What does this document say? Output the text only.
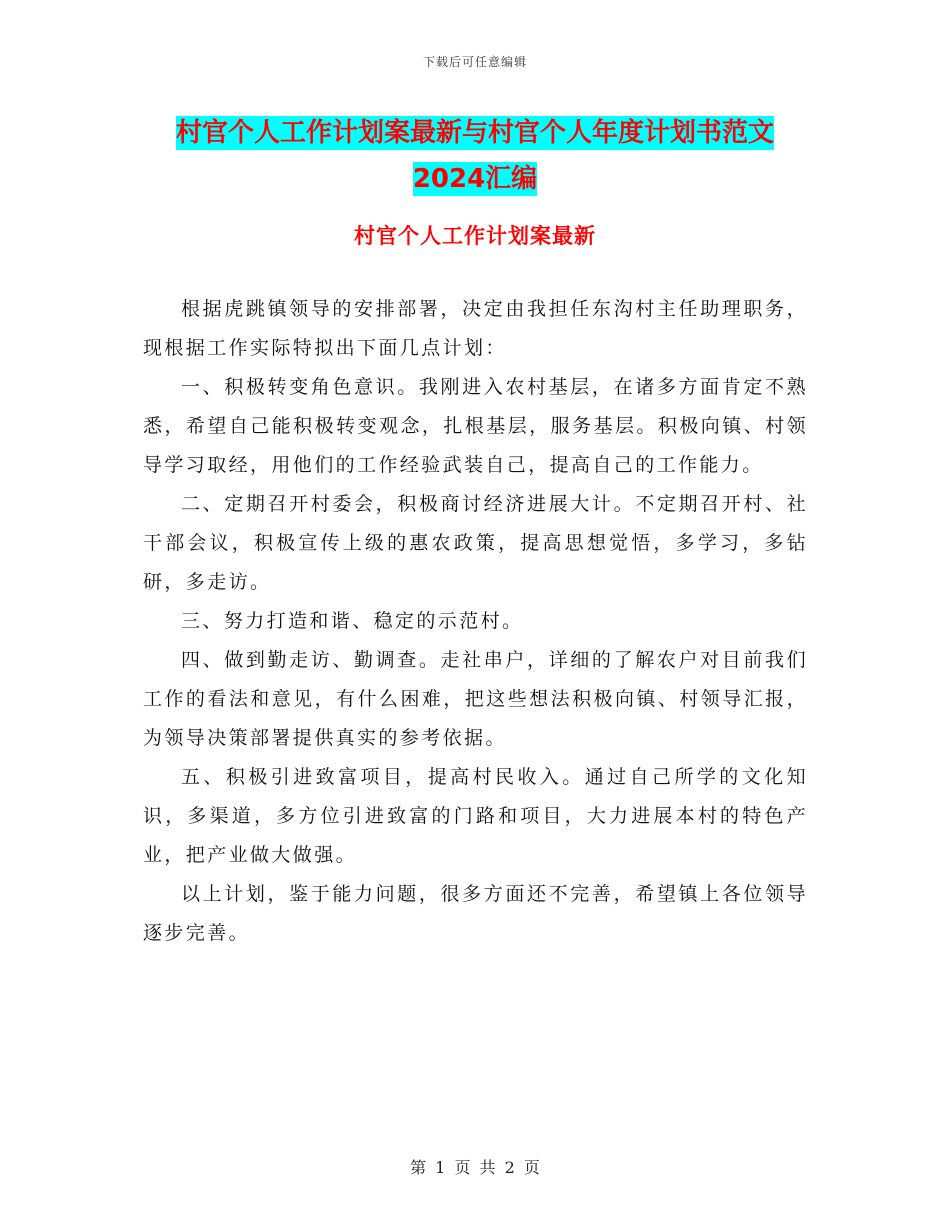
下载后可任意编辑
村官个人工作计划案最新与村官个人年度计划书范文
2024汇编
村官个人工作计划案最新

根据虎跳镇领导的安排部署，决定由我担任东沟村主任助理职务，现根据工作实际特拟出下面几点计划：

一、积极转变角色意识。我刚进入农村基层，在诸多方面肯定不熟悉，希望自己能积极转变观念，扎根基层，服务基层。积极向镇、村领导学习取经，用他们的工作经验武装自己，提高自己的工作能力。

二、定期召开村委会，积极商讨经济进展大计。不定期召开村、社干部会议，积极宣传上级的惠农政策，提高思想觉悟，多学习，多钻研，多走访。

三、努力打造和谐、稳定的示范村。

四、做到勤走访、勤调查。走社串户，详细的了解农户对目前我们工作的看法和意见，有什么困难，把这些想法积极向镇、村领导汇报，为领导决策部署提供真实的参考依据。

五、积极引进致富项目，提高村民收入。通过自己所学的文化知识，多渠道，多方位引进致富的门路和项目，大力进展本村的特色产业，把产业做大做强。

以上计划，鉴于能力问题，很多方面还不完善，希望镇上各位领导逐步完善。

第 1 页 共 2 页
